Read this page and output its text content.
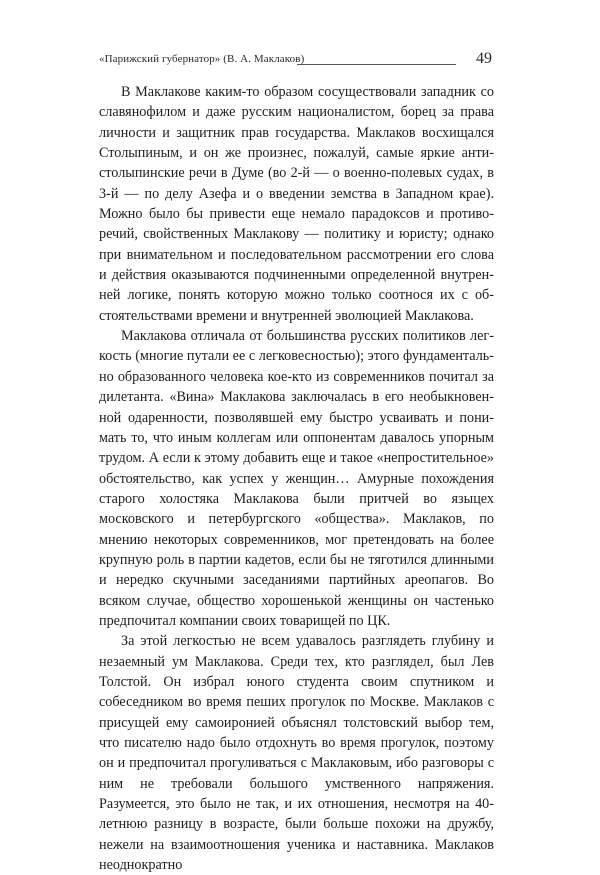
«Парижский губернатор» (В. А. Маклаков)	49

В Маклакове каким-то образом сосуществовали западник со славянофилом и даже русским националистом, борец за права личности и защитник прав государства. Маклаков восхищался Столыпиным, и он же произнес, пожалуй, самые яркие антистолыпинские речи в Думе (во 2-й — о военно-полевых судах, в 3-й — по делу Азефа и о введении земства в Западном крае). Можно было бы привести еще немало парадоксов и противоречий, свойственных Маклакову — политику и юристу; однако при внимательном и последовательном рассмотрении его слова и действия оказываются подчиненными определенной внутренней логике, понять которую можно только соотнося их с обстоятельствами времени и внутренней эволюцией Маклакова.

Маклакова отличала от большинства русских политиков легкость (многие путали ее с легковесностью); этого фундаментально образованного человека кое-кто из современников почитал за дилетанта. «Вина» Маклакова заключалась в его необыкновенной одаренности, позволявшей ему быстро усваивать и понимать то, что иным коллегам или оппонентам давалось упорным трудом. А если к этому добавить еще и такое «непростительное» обстоятельство, как успех у женщин… Амурные похождения старого холостяка Маклакова были притчей во языцех московского и петербургского «общества». Маклаков, по мнению некоторых современников, мог претендовать на более крупную роль в партии кадетов, если бы не тяготился длинными и нередко скучными заседаниями партийных ареопагов. Во всяком случае, общество хорошенькой женщины он частенько предпочитал компании своих товарищей по ЦК.

За этой легкостью не всем удавалось разглядеть глубину и незаемный ум Маклакова. Среди тех, кто разглядел, был Лев Толстой. Он избрал юного студента своим спутником и собеседником во время пеших прогулок по Москве. Маклаков с присущей ему самоиронией объяснял толстовский выбор тем, что писателю надо было отдохнуть во время прогулок, поэтому он и предпочитал прогуливаться с Маклаковым, ибо разговоры с ним не требовали большого умственного напряжения. Разумеется, это было не так, и их отношения, несмотря на 40-летнюю разницу в возрасте, были больше похожи на дружбу, нежели на взаимоотношения ученика и наставника. Маклаков неоднократно
